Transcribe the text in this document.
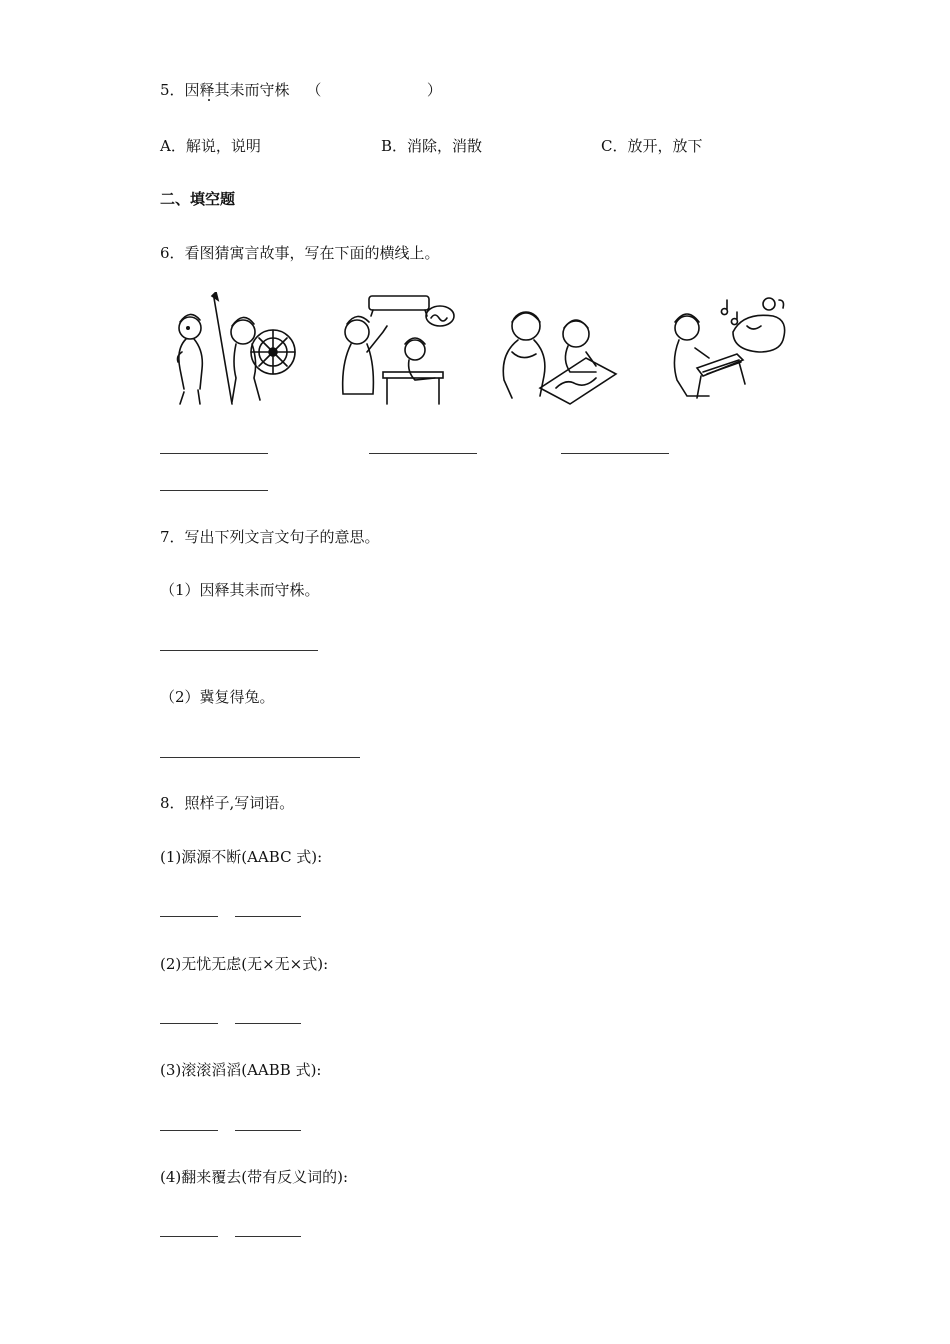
5．因释其耒而守株 （	）
A．解说，说明	B．消除，消散	C．放开，放下
二、填空题
6．看图猜寓言故事，写在下面的横线上。
7．写出下列文言文句子的意思。
（1）因释其耒而守株。
（2）冀复得兔。
8．照样子,写词语。
(1)源源不断(AABC 式):
(2)无忧无虑(无×无×式):
(3)滚滚滔滔(AABB 式):
(4)翻来覆去(带有反义词的):
